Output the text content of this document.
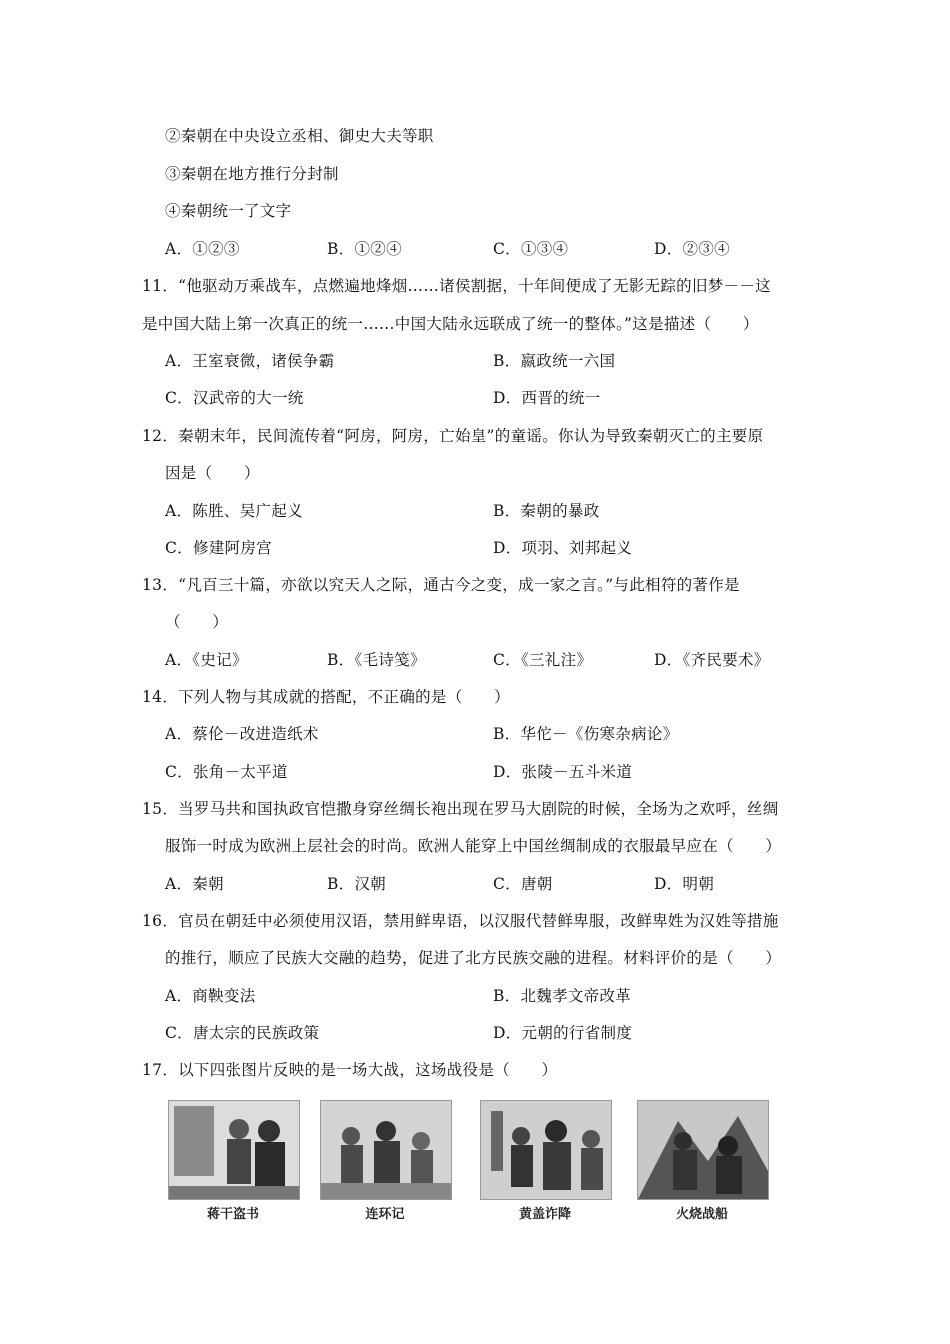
②秦朝在中央设立丞相、御史大夫等职
③秦朝在地方推行分封制
④秦朝统一了文字
A．①②③	B．①②④	C．①③④	D．②③④
11．“他驱动万乘战车，点燃遍地烽烟……诸侯割据，十年间便成了无影无踪的旧梦－－这
是中国大陆上第一次真正的统一……中国大陆永远联成了统一的整体。”这是描述（　　）
A．王室衰微，诸侯争霸	B．嬴政统一六国
C．汉武帝的大一统	D．西晋的统一
12．秦朝末年，民间流传着“阿房，阿房，亡始皇”的童谣。你认为导致秦朝灭亡的主要原
因是（　　）
A．陈胜、吴广起义	B．秦朝的暴政
C．修建阿房宫	D．项羽、刘邦起义
13．“凡百三十篇，亦欲以究天人之际，通古今之变，成一家之言。”与此相符的著作是
（　　）
A．《史记》	B．《毛诗笺》	C．《三礼注》	D．《齐民要术》
14．下列人物与其成就的搭配，不正确的是（　　）
A．蔡伦－改进造纸术	B．华佗－《伤寒杂病论》
C．张角－太平道	D．张陵－五斗米道
15．当罗马共和国执政官恺撒身穿丝绸长袍出现在罗马大剧院的时候，全场为之欢呼，丝绸
服饰一时成为欧洲上层社会的时尚。欧洲人能穿上中国丝绸制成的衣服最早应在（　　）
A．秦朝	B．汉朝	C．唐朝	D．明朝
16．官员在朝廷中必须使用汉语，禁用鲜卑语，以汉服代替鲜卑服，改鲜卑姓为汉姓等措施
的推行，顺应了民族大交融的趋势，促进了北方民族交融的进程。材料评价的是（　　）
A．商鞅变法	B．北魏孝文帝改革
C．唐太宗的民族政策	D．元朝的行省制度
17．以下四张图片反映的是一场大战，这场战役是（　　）
蒋干盗书	连环记	黄盖诈降	火烧战船
